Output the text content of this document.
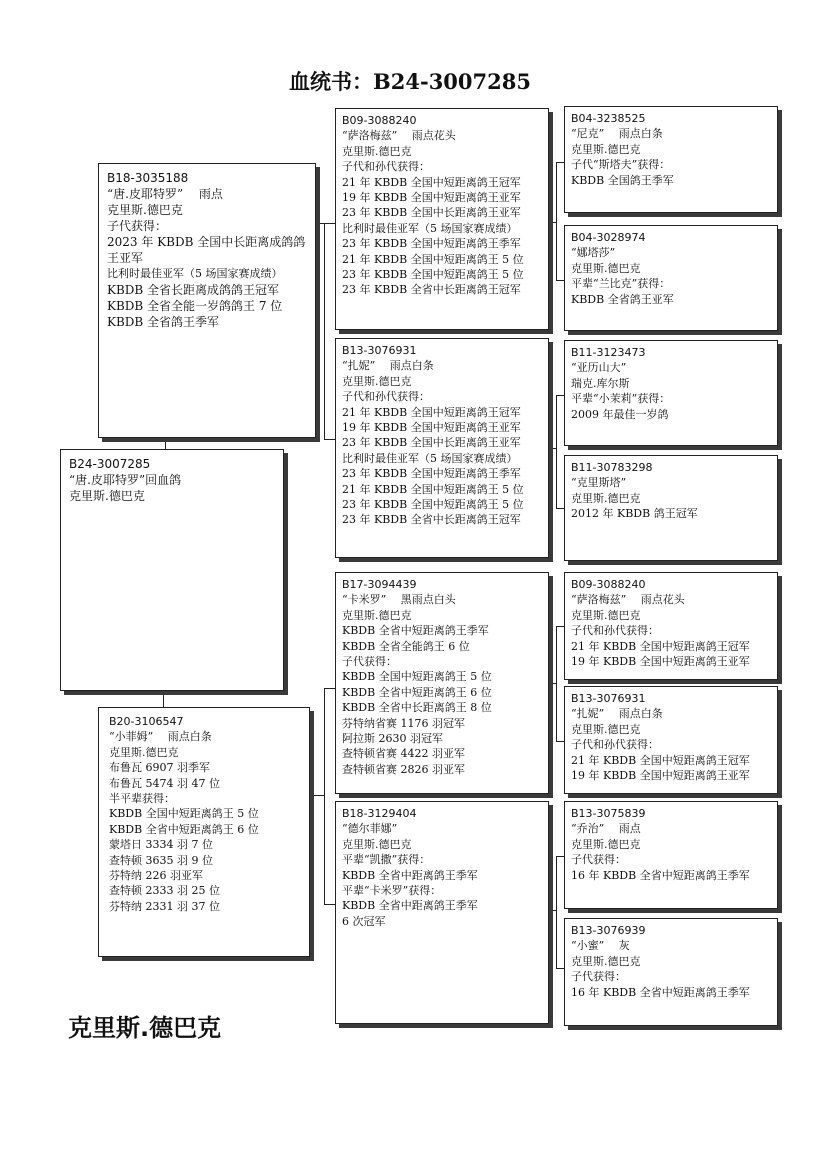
血统书：B24-3007285
B18-3035188
“唐.皮耶特罗”　 雨点
克里斯.德巴克
子代获得：
2023 年 KBDB 全国中长距离成鸽鸽王亚军
比利时最佳亚军（5 场国家赛成绩）
KBDB 全省长距离成鸽鸽王冠军
KBDB 全省全能一岁鸽鸽王 7 位
KBDB 全省鸽王季军
B24-3007285
“唐.皮耶特罗”回血鸽
克里斯.德巴克
B20-3106547
“小菲姆”　 雨点白条
克里斯.德巴克
布鲁瓦 6907 羽季军
布鲁瓦 5474 羽 47 位
半平辈获得：
KBDB 全国中短距离鸽王 5 位
KBDB 全省中短距离鸽王 6 位
蒙塔日 3334 羽 7 位
查特顿 3635 羽 9 位
芬特纳 226 羽亚军
查特顿 2333 羽 25 位
芬特纳 2331 羽 37 位
B09-3088240
“萨洛梅兹”　 雨点花头
克里斯.德巴克
子代和孙代获得：
21 年 KBDB 全国中短距离鸽王冠军
19 年 KBDB 全国中短距离鸽王亚军
23 年 KBDB 全国中长距离鸽王亚军
比利时最佳亚军（5 场国家赛成绩）
23 年 KBDB 全国中短距离鸽王季军
21 年 KBDB 全国中短距离鸽王 5 位
23 年 KBDB 全国中短距离鸽王 5 位
23 年 KBDB 全省中长距离鸽王冠军
B13-3076931
“扎妮”　 雨点白条
克里斯.德巴克
子代和孙代获得：
21 年 KBDB 全国中短距离鸽王冠军
19 年 KBDB 全国中短距离鸽王亚军
23 年 KBDB 全国中长距离鸽王亚军
比利时最佳亚军（5 场国家赛成绩）
23 年 KBDB 全国中短距离鸽王季军
21 年 KBDB 全国中短距离鸽王 5 位
23 年 KBDB 全国中短距离鸽王 5 位
23 年 KBDB 全省中长距离鸽王冠军
B17-3094439
“卡米罗”　 黑雨点白头
克里斯.德巴克
KBDB 全省中短距离鸽王季军
KBDB 全省全能鸽王 6 位
子代获得：
KBDB 全国中短距离鸽王 5 位
KBDB 全省中短距离鸽王 6 位
KBDB 全省中长距离鸽王 8 位
芬特纳省赛 1176 羽冠军
阿拉斯 2630 羽冠军
查特顿省赛 4422 羽亚军
查特顿省赛 2826 羽亚军
B18-3129404
“德尔菲娜”
克里斯.德巴克
平辈“凯撒”获得：
KBDB 全省中距离鸽王季军
平辈“卡米罗”获得：
KBDB 全省中距离鸽王季军
6 次冠军
B04-3238525
“尼克”　 雨点白条
克里斯.德巴克
子代“斯塔夫”获得：
KBDB 全国鸽王季军
B04-3028974
“娜塔莎”
克里斯.德巴克
平辈“兰比克”获得：
KBDB 全省鸽王亚军
B11-3123473
“亚历山大”
瑞克.库尔斯
平辈“小茉莉”获得：
2009 年最佳一岁鸽
B11-30783298
“克里斯塔”
克里斯.德巴克
2012 年 KBDB 鸽王冠军
B09-3088240
“萨洛梅兹”　 雨点花头
克里斯.德巴克
子代和孙代获得：
21 年 KBDB 全国中短距离鸽王冠军
19 年 KBDB 全国中短距离鸽王亚军
B13-3076931
“扎妮”　 雨点白条
克里斯.德巴克
子代和孙代获得：
21 年 KBDB 全国中短距离鸽王冠军
19 年 KBDB 全国中短距离鸽王亚军
B13-3075839
“乔治”　 雨点
克里斯.德巴克
子代获得：
16 年 KBDB 全省中短距离鸽王季军
B13-3076939
“小蜜”　 灰
克里斯.德巴克
子代获得：
16 年 KBDB 全省中短距离鸽王季军
克里斯.德巴克
